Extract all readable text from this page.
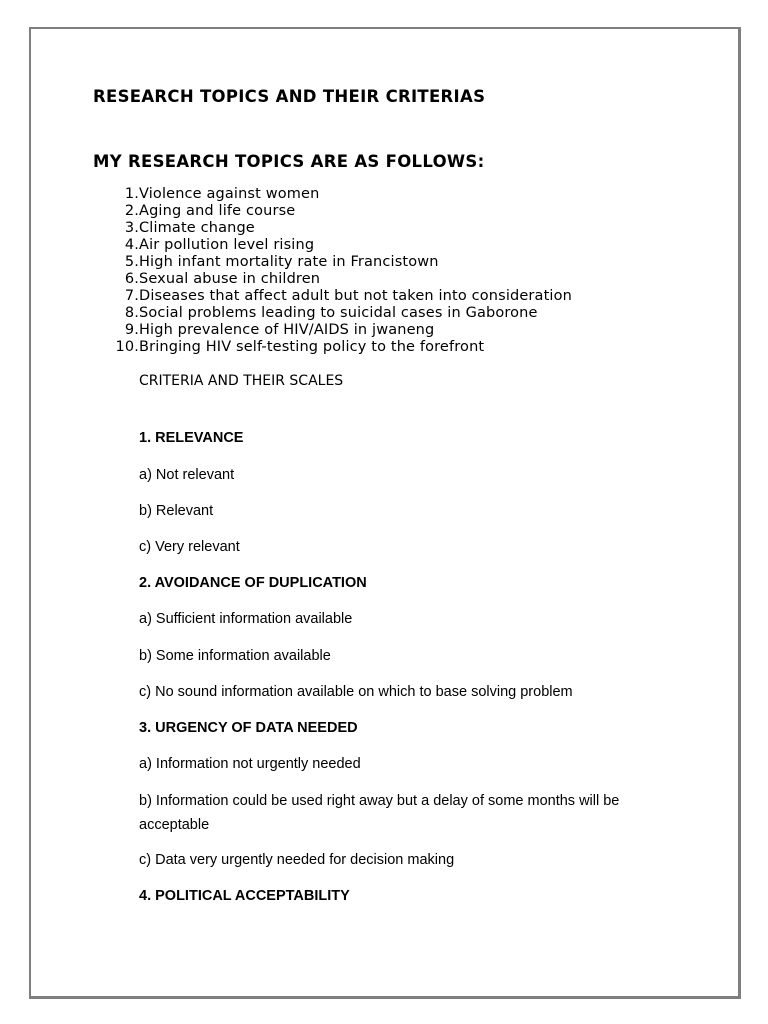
RESEARCH TOPICS AND THEIR CRITERIAS
MY RESEARCH TOPICS ARE AS FOLLOWS:
1. Violence against women
2. Aging and life course
3. Climate change
4. Air pollution level rising
5. High infant mortality rate in Francistown
6. Sexual abuse in children
7. Diseases that affect adult but not taken into consideration
8. Social problems leading to suicidal cases in Gaborone
9. High prevalence of HIV/AIDS in jwaneng
10. Bringing HIV self-testing policy to the forefront
CRITERIA AND THEIR SCALES
1. RELEVANCE
a) Not relevant
b) Relevant
c) Very relevant
2. AVOIDANCE OF DUPLICATION
a) Sufficient information available
b) Some information available
c) No sound information available on which to base solving problem
3. URGENCY OF DATA NEEDED
a) Information not urgently needed
b) Information could be used right away but a delay of some months will be
acceptable
c) Data very urgently needed for decision making
4. POLITICAL ACCEPTABILITY
